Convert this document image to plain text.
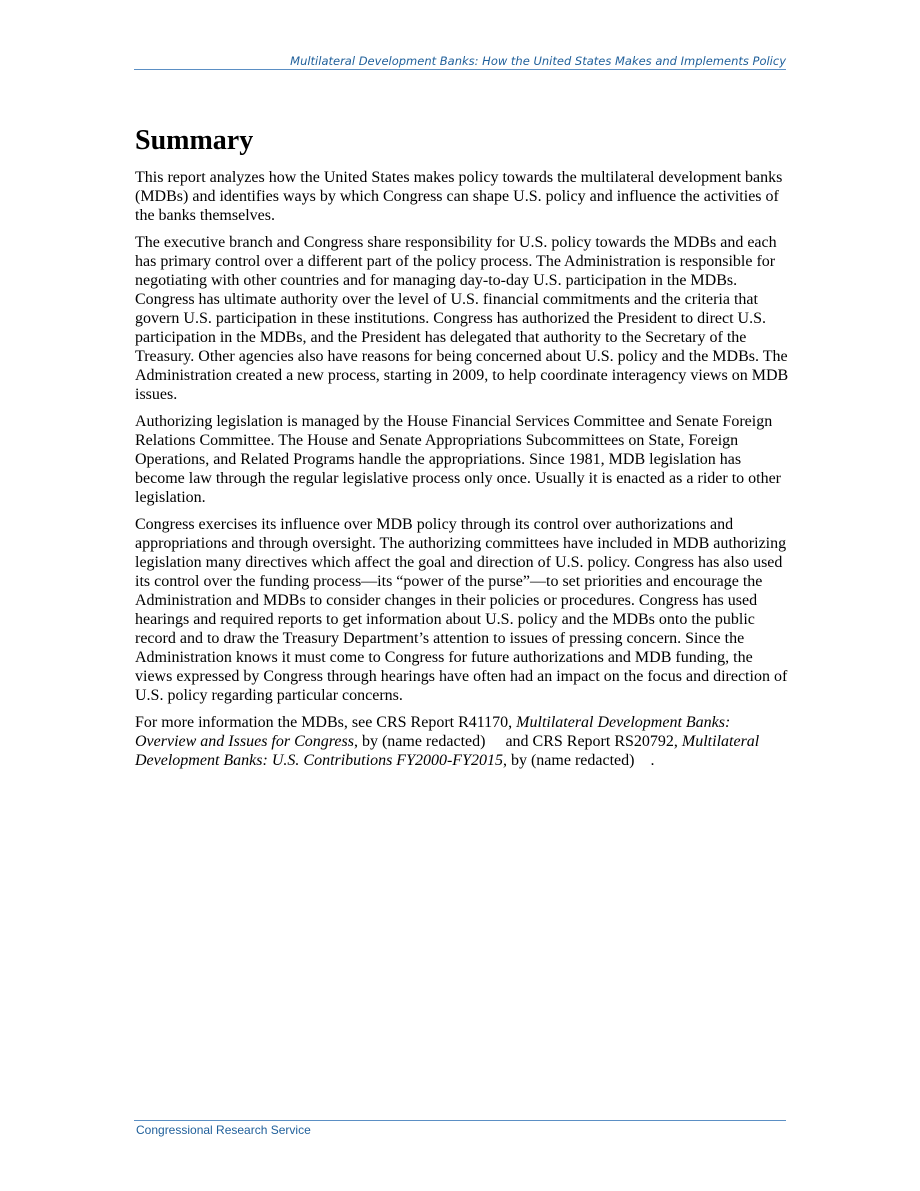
Multilateral Development Banks: How the United States Makes and Implements Policy
Summary

This report analyzes how the United States makes policy towards the multilateral development banks (MDBs) and identifies ways by which Congress can shape U.S. policy and influence the activities of the banks themselves.

The executive branch and Congress share responsibility for U.S. policy towards the MDBs and each has primary control over a different part of the policy process. The Administration is responsible for negotiating with other countries and for managing day-to-day U.S. participation in the MDBs. Congress has ultimate authority over the level of U.S. financial commitments and the criteria that govern U.S. participation in these institutions. Congress has authorized the President to direct U.S. participation in the MDBs, and the President has delegated that authority to the Secretary of the Treasury. Other agencies also have reasons for being concerned about U.S. policy and the MDBs. The Administration created a new process, starting in 2009, to help coordinate interagency views on MDB issues.

Authorizing legislation is managed by the House Financial Services Committee and Senate Foreign Relations Committee. The House and Senate Appropriations Subcommittees on State, Foreign Operations, and Related Programs handle the appropriations. Since 1981, MDB legislation has become law through the regular legislative process only once. Usually it is enacted as a rider to other legislation.

Congress exercises its influence over MDB policy through its control over authorizations and appropriations and through oversight. The authorizing committees have included in MDB authorizing legislation many directives which affect the goal and direction of U.S. policy. Congress has also used its control over the funding process—its “power of the purse”—to set priorities and encourage the Administration and MDBs to consider changes in their policies or procedures. Congress has used hearings and required reports to get information about U.S. policy and the MDBs onto the public record and to draw the Treasury Department’s attention to issues of pressing concern. Since the Administration knows it must come to Congress for future authorizations and MDB funding, the views expressed by Congress through hearings have often had an impact on the focus and direction of U.S. policy regarding particular concerns.

For more information the MDBs, see CRS Report R41170, Multilateral Development Banks: Overview and Issues for Congress, by (name redacted) and CRS Report RS20792, Multilateral Development Banks: U.S. Contributions FY2000-FY2015, by (name redacted) .

Congressional Research Service
